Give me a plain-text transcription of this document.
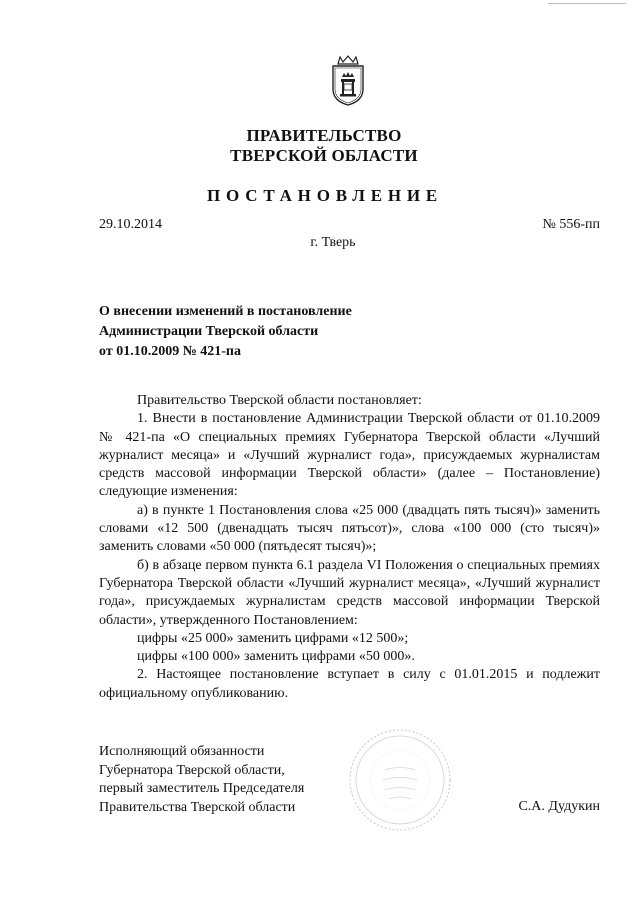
ПРАВИТЕЛЬСТВО
ТВЕРСКОЙ ОБЛАСТИ
ПОСТАНОВЛЕНИЕ
29.10.2014	№ 556-пп
г. Тверь
О внесении изменений в постановление
Администрации Тверской области
от 01.10.2009 № 421-па

Правительство Тверской области постановляет:

1. Внести в постановление Администрации Тверской области от 01.10.2009 № 421-па «О специальных премиях Губернатора Тверской области «Лучший журналист месяца» и «Лучший журналист года», присуждаемых журналистам средств массовой информации Тверской области» (далее – Постановление) следующие изменения:

а) в пункте 1 Постановления слова «25 000 (двадцать пять тысяч)» заменить словами «12 500 (двенадцать тысяч пятьсот)», слова «100 000 (сто тысяч)» заменить словами «50 000 (пятьдесят тысяч)»;

б) в абзаце первом пункта 6.1 раздела VI Положения о специальных премиях Губернатора Тверской области «Лучший журналист месяца», «Лучший журналист года», присуждаемых журналистам средств массовой информации Тверской области», утвержденного Постановлением:

цифры «25 000» заменить цифрами «12 500»;

цифры «100 000» заменить цифрами «50 000».

2. Настоящее постановление вступает в силу с 01.01.2015 и подлежит официальному опубликованию.

Исполняющий обязанности
Губернатора Тверской области,
первый заместитель Председателя
Правительства Тверской области	С.А. Дудукин
